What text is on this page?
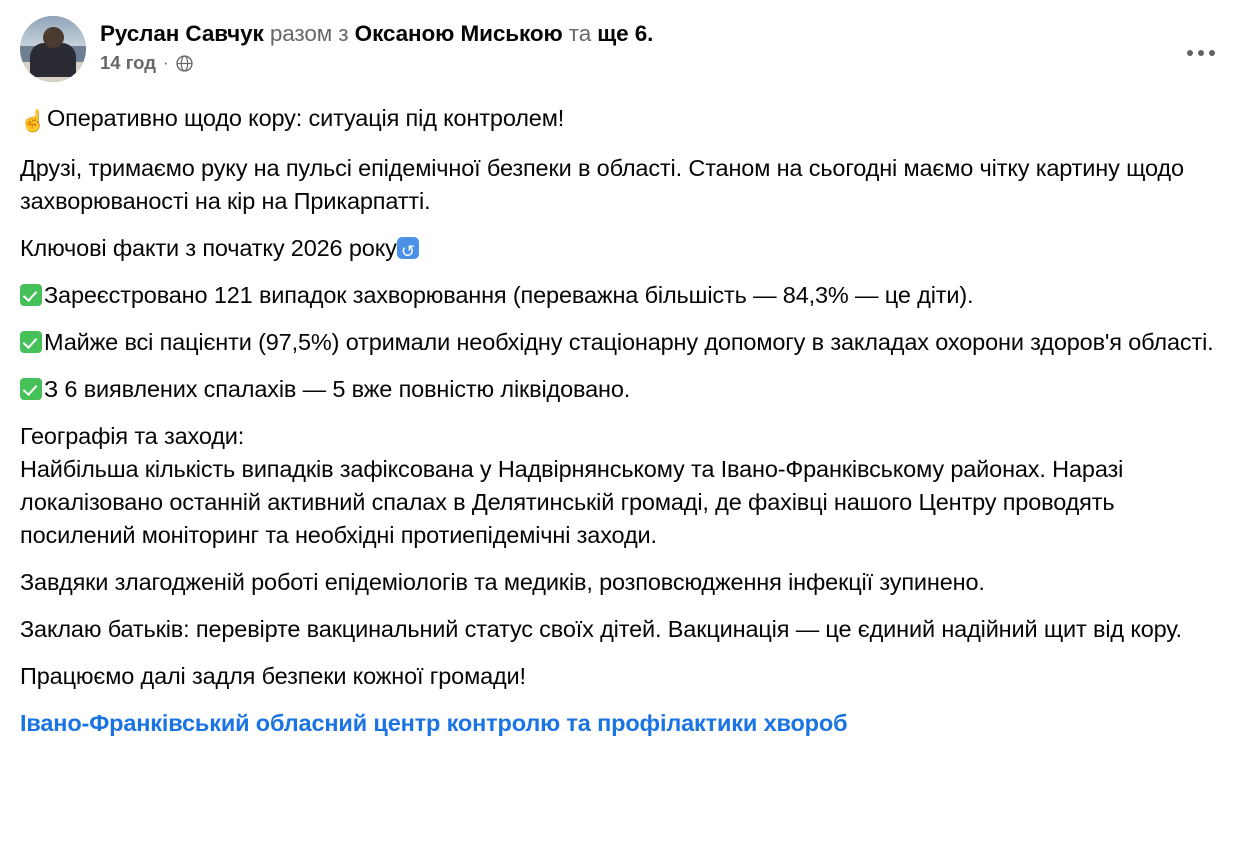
Руслан Савчук разом з Оксаною Миською та ще 6.
14 год ·

☝Оперативно щодо кору: ситуація під контролем!

Друзі, тримаємо руку на пульсі епідемічної безпеки в області. Станом на сьогодні маємо чітку картину щодо захворюваності на кір на Прикарпатті.

Ключові факти з початку 2026 року↻

Зареєстровано 121 випадок захворювання (переважна більшість — 84,3% — це діти).

Майже всі пацієнти (97,5%) отримали необхідну стаціонарну допомогу в закладах охорони здоров'я області.

З 6 виявлених спалахів — 5 вже повністю ліквідовано.

Географія та заходи:

Найбільша кількість випадків зафіксована у Надвірнянському та Івано-Франківському районах. Наразі локалізовано останній активний спалах в Делятинській громаді, де фахівці нашого Центру проводять посилений моніторинг та необхідні протиепідемічні заходи.

Завдяки злагодженій роботі епідеміологів та медиків, розповсюдження інфекції зупинено.

Заклаю батьків: перевірте вакцинальний статус своїх дітей. Вакцинація — це єдиний надійний щит від кору.

Працюємо далі задля безпеки кожної громади!

Івано-Франківський обласний центр контролю та профілактики хвороб
